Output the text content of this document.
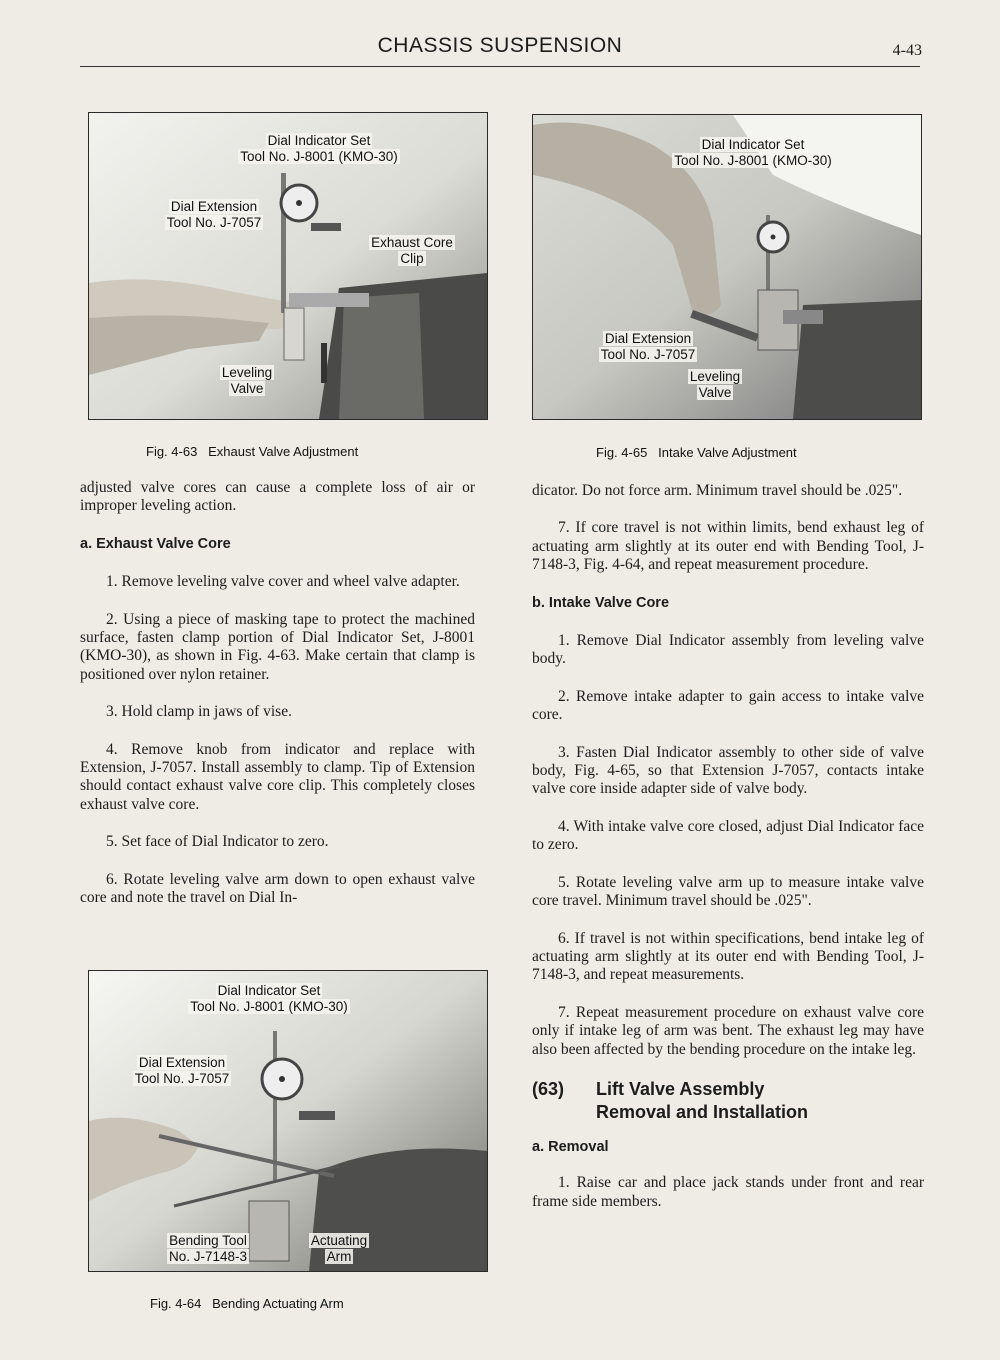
CHASSIS SUSPENSION	4-43
Dial Indicator Set
Tool No. J-8001 (KMO-30)
Dial Extension
Tool No. J-7057
Exhaust Core
Clip
Leveling
Valve
Fig. 4-63   Exhaust Valve Adjustment
Dial Indicator Set
Tool No. J-8001 (KMO-30)
Dial Extension
Tool No. J-7057
Leveling
Valve
Fig. 4-65   Intake Valve Adjustment

adjusted valve cores can cause a complete loss of air or improper leveling action.

a. Exhaust Valve Core

1. Remove leveling valve cover and wheel valve adapter.

2. Using a piece of masking tape to protect the machined surface, fasten clamp portion of Dial Indicator Set, J-8001 (KMO-30), as shown in Fig. 4-63. Make certain that clamp is positioned over nylon retainer.

3. Hold clamp in jaws of vise.

4. Remove knob from indicator and replace with Extension, J-7057. Install assembly to clamp. Tip of Extension should contact exhaust valve core clip. This completely closes exhaust valve core.

5. Set face of Dial Indicator to zero.

6. Rotate leveling valve arm down to open exhaust valve core and note the travel on Dial In-

Dial Indicator Set
Tool No. J-8001 (KMO-30)
Dial Extension
Tool No. J-7057
Bending Tool
No. J-7148-3
Actuating
Arm
Fig. 4-64   Bending Actuating Arm

dicator. Do not force arm. Minimum travel should be .025".

7. If core travel is not within limits, bend exhaust leg of actuating arm slightly at its outer end with Bending Tool, J-7148-3, Fig. 4-64, and repeat measurement procedure.

b. Intake Valve Core

1. Remove Dial Indicator assembly from leveling valve body.

2. Remove intake adapter to gain access to intake valve core.

3. Fasten Dial Indicator assembly to other side of valve body, Fig. 4-65, so that Extension J-7057, contacts intake valve core inside adapter side of valve body.

4. With intake valve core closed, adjust Dial Indicator face to zero.

5. Rotate leveling valve arm up to measure intake valve core travel. Minimum travel should be .025".

6. If travel is not within specifications, bend intake leg of actuating arm slightly at its outer end with Bending Tool, J-7148-3, and repeat measurements.

7. Repeat measurement procedure on exhaust valve core only if intake leg of arm was bent. The exhaust leg may have also been affected by the bending procedure on the intake leg.

(63)	Lift Valve Assembly
Removal and Installation
a. Removal

1. Raise car and place jack stands under front and rear frame side members.
